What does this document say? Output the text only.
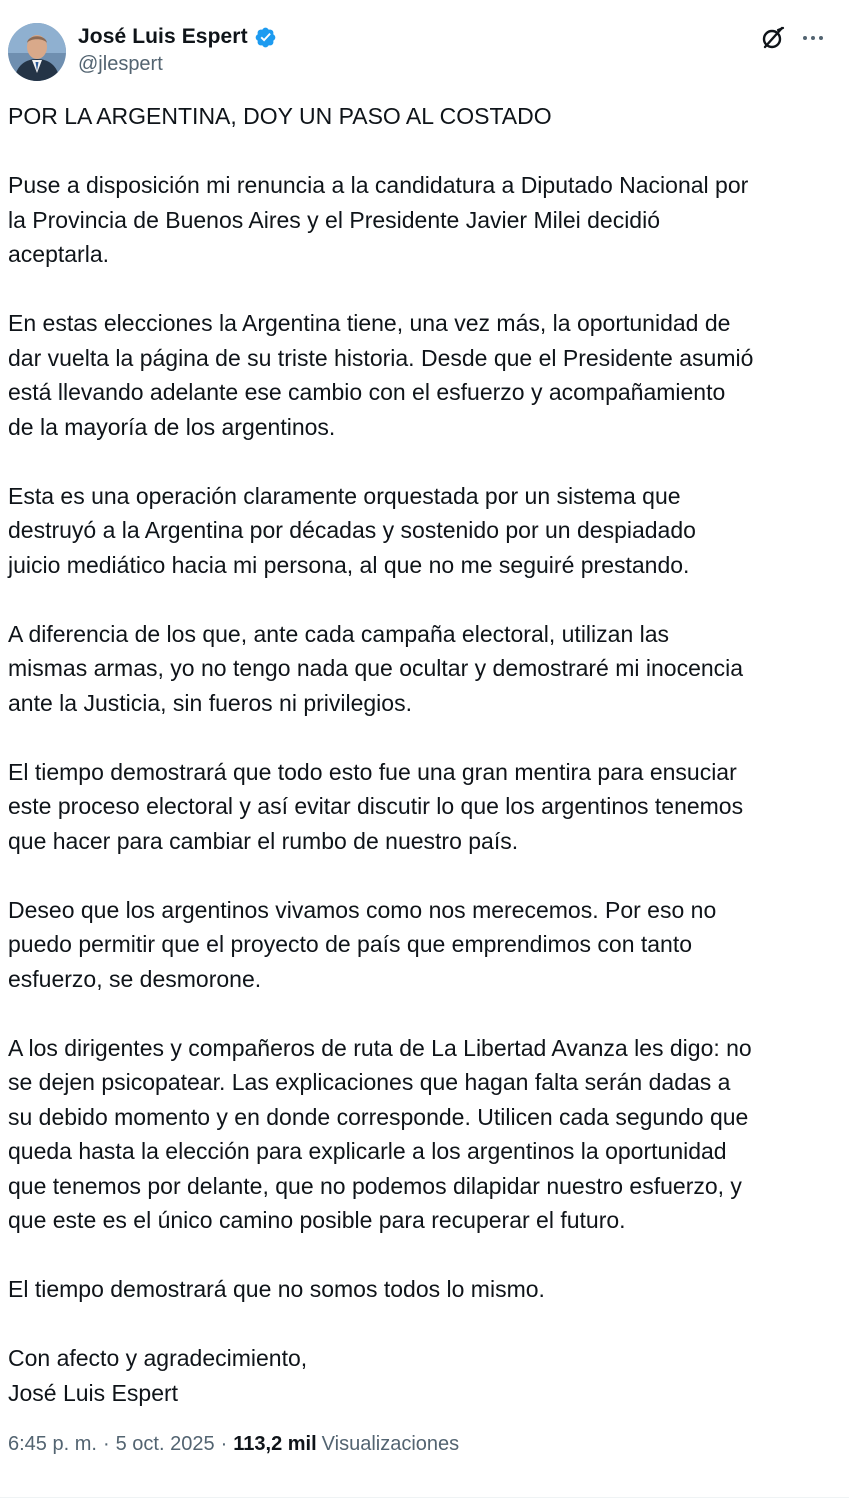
José Luis Espert
@jlespert

POR LA ARGENTINA, DOY UN PASO AL COSTADO

Puse a disposición mi renuncia a la candidatura a Diputado Nacional por
la Provincia de Buenos Aires y el Presidente Javier Milei decidió
aceptarla.

En estas elecciones la Argentina tiene, una vez más, la oportunidad de
dar vuelta la página de su triste historia. Desde que el Presidente asumió
está llevando adelante ese cambio con el esfuerzo y acompañamiento
de la mayoría de los argentinos.

Esta es una operación claramente orquestada por un sistema que
destruyó a la Argentina por décadas y sostenido por un despiadado
juicio mediático hacia mi persona, al que no me seguiré prestando.

A diferencia de los que, ante cada campaña electoral, utilizan las
mismas armas, yo no tengo nada que ocultar y demostraré mi inocencia
ante la Justicia, sin fueros ni privilegios.

El tiempo demostrará que todo esto fue una gran mentira para ensuciar
este proceso electoral y así evitar discutir lo que los argentinos tenemos
que hacer para cambiar el rumbo de nuestro país.

Deseo que los argentinos vivamos como nos merecemos. Por eso no
puedo permitir que el proyecto de país que emprendimos con tanto
esfuerzo, se desmorone.

A los dirigentes y compañeros de ruta de La Libertad Avanza les digo: no
se dejen psicopatear. Las explicaciones que hagan falta serán dadas a
su debido momento y en donde corresponde. Utilicen cada segundo que
queda hasta la elección para explicarle a los argentinos la oportunidad
que tenemos por delante, que no podemos dilapidar nuestro esfuerzo, y
que este es el único camino posible para recuperar el futuro.

El tiempo demostrará que no somos todos lo mismo.

Con afecto y agradecimiento,
José Luis Espert

6:45 p. m. · 5 oct. 2025 · 113,2 mil Visualizaciones
